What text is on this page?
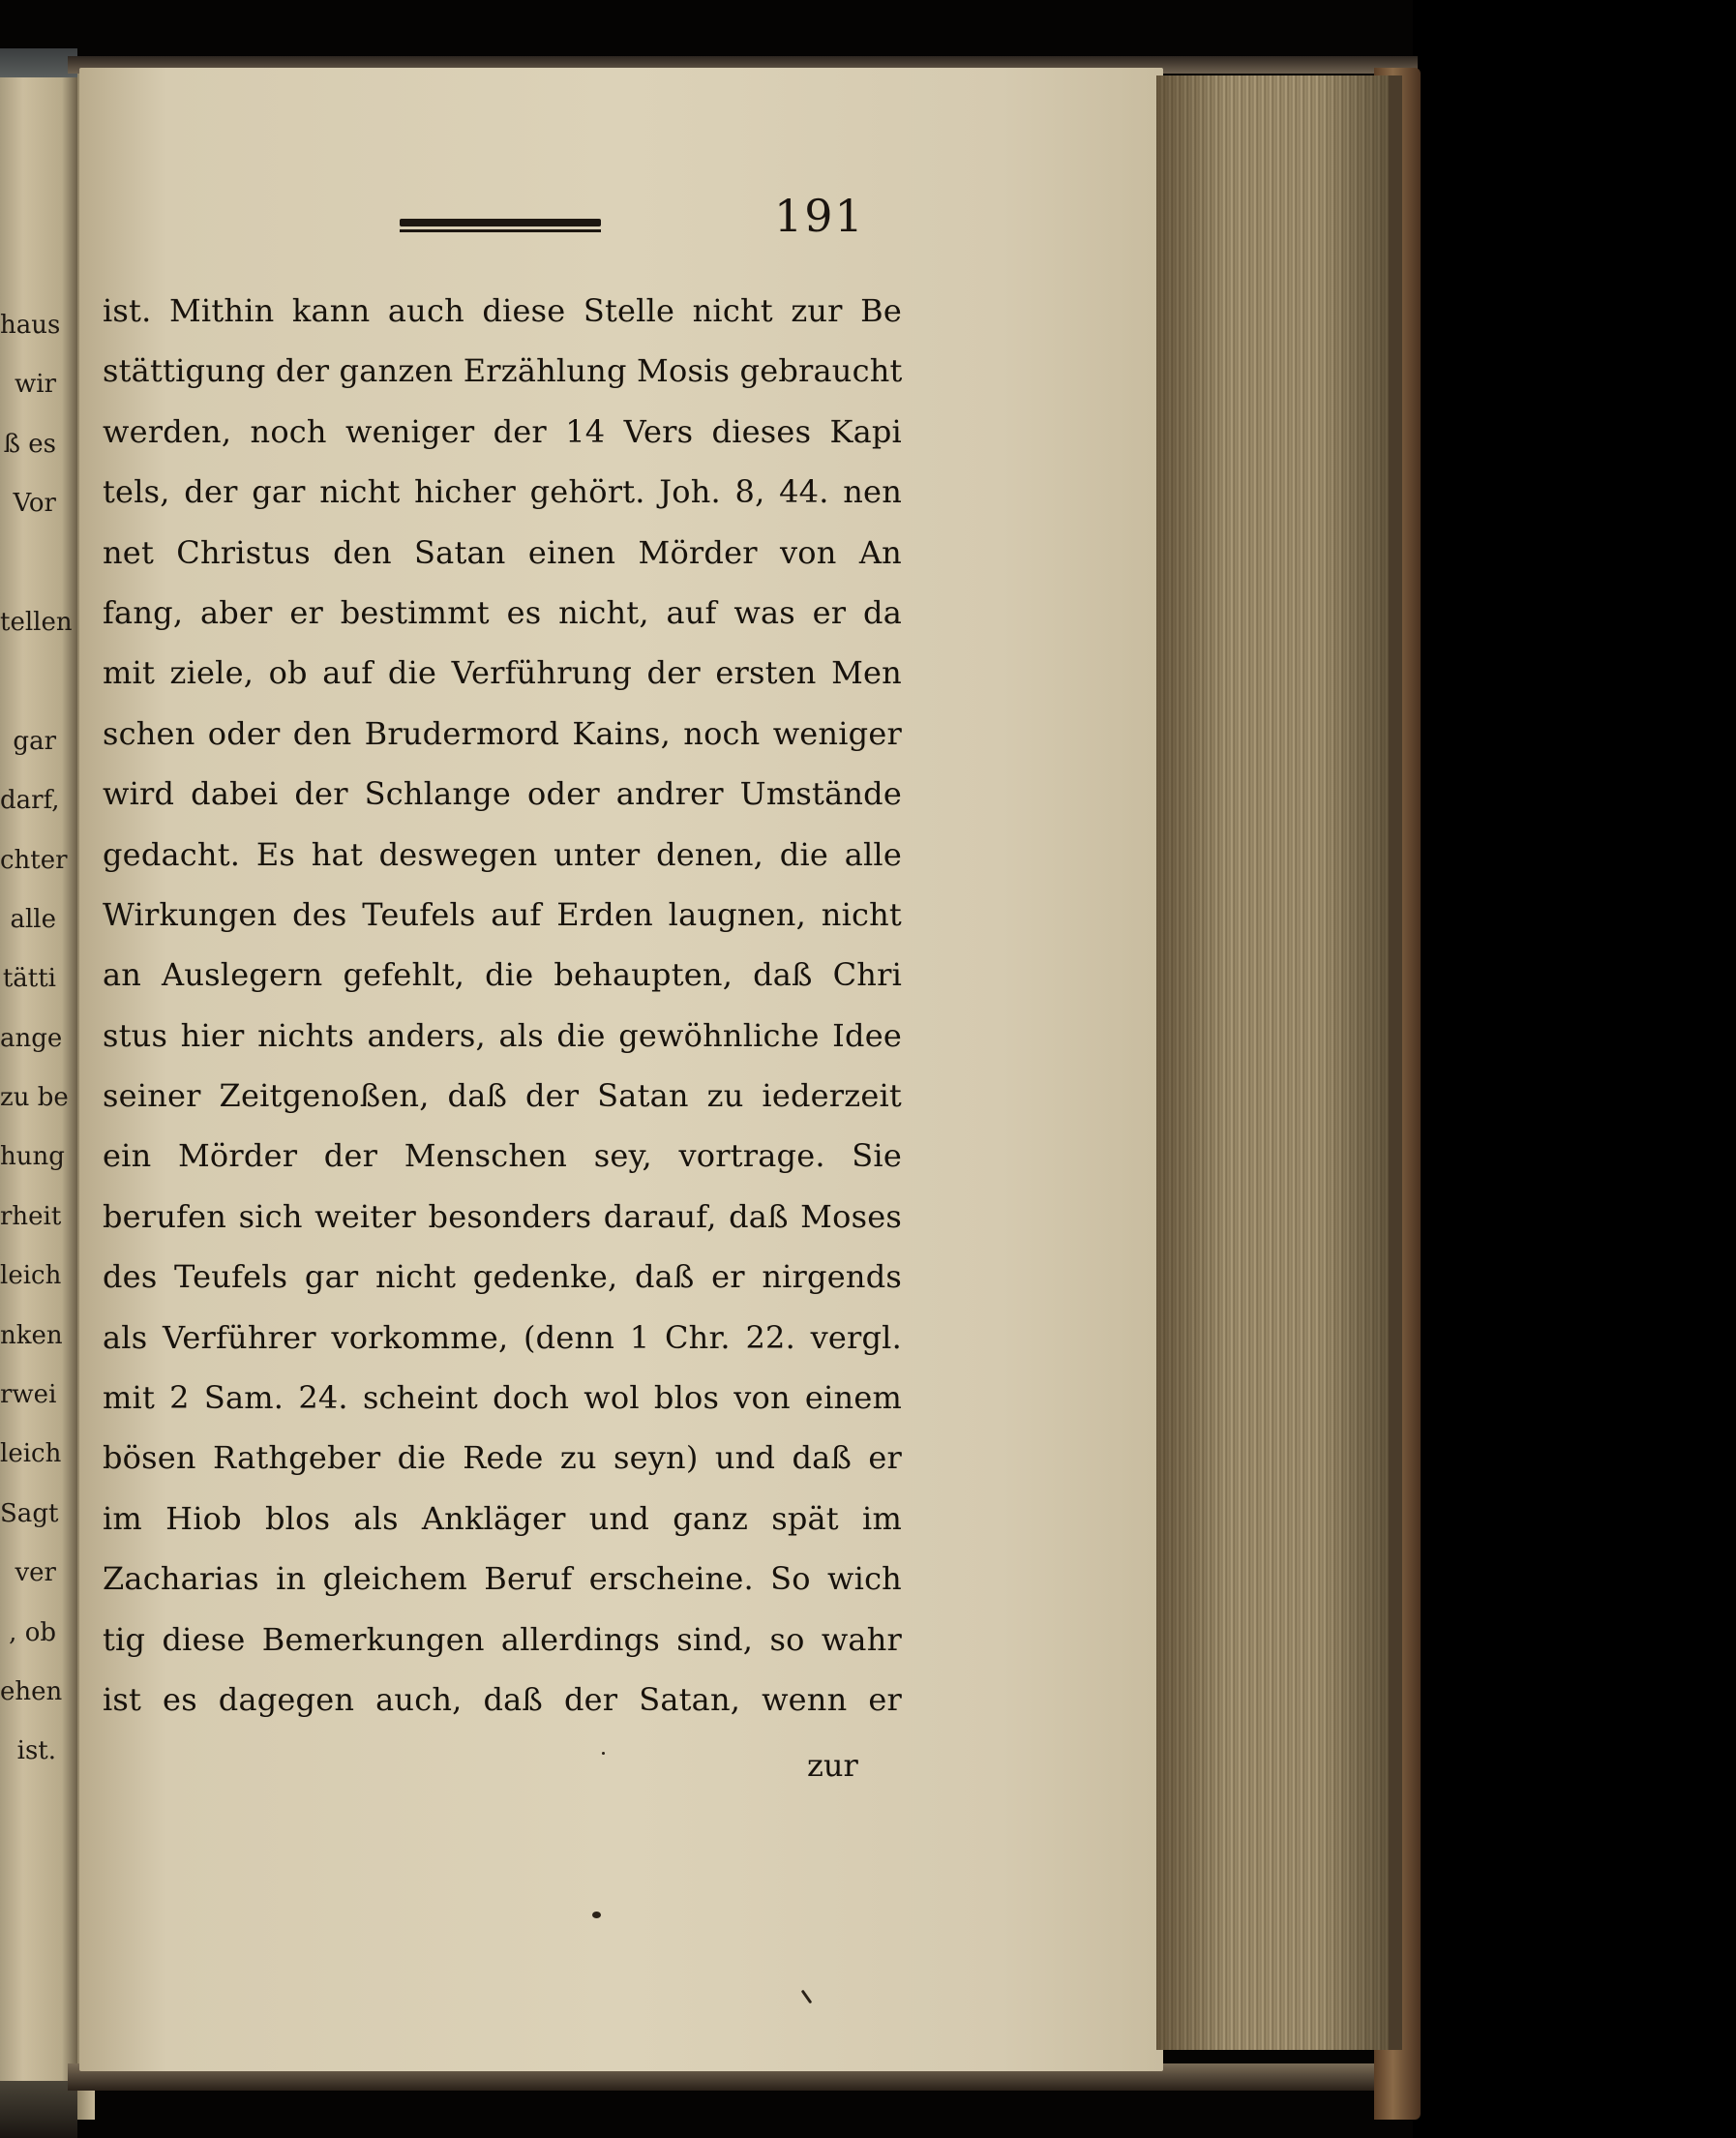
haus
wir
ß es
Vor
tellen
gar
darf,
chter
alle
tätti
ange
zu be
hung
rheit
leich
nken
rwei
leich
Sagt
ver
, ob
ehen
ist.
191
ist. Mithin kann auch diese Stelle nicht zur Be
stättigung der ganzen Erzählung Mosis gebraucht
werden, noch weniger der 14 Vers dieses Kapi
tels, der gar nicht hicher gehört. Joh. 8, 44. nen
net Christus den Satan einen Mörder von An
fang, aber er bestimmt es nicht, auf was er da
mit ziele, ob auf die Verführung der ersten Men
schen oder den Brudermord Kains, noch weniger
wird dabei der Schlange oder andrer Umstände
gedacht. Es hat deswegen unter denen, die alle
Wirkungen des Teufels auf Erden laugnen, nicht
an Auslegern gefehlt, die behaupten, daß Chri
stus hier nichts anders, als die gewöhnliche Idee
seiner Zeitgenoßen, daß der Satan zu iederzeit
ein Mörder der Menschen sey, vortrage. Sie
berufen sich weiter besonders darauf, daß Moses
des Teufels gar nicht gedenke, daß er nirgends
als Verführer vorkomme, (denn 1 Chr. 22. vergl.
mit 2 Sam. 24. scheint doch wol blos von einem
bösen Rathgeber die Rede zu seyn) und daß er
im Hiob blos als Ankläger und ganz spät im
Zacharias in gleichem Beruf erscheine. So wich
tig diese Bemerkungen allerdings sind, so wahr
ist es dagegen auch, daß der Satan, wenn er
zur
